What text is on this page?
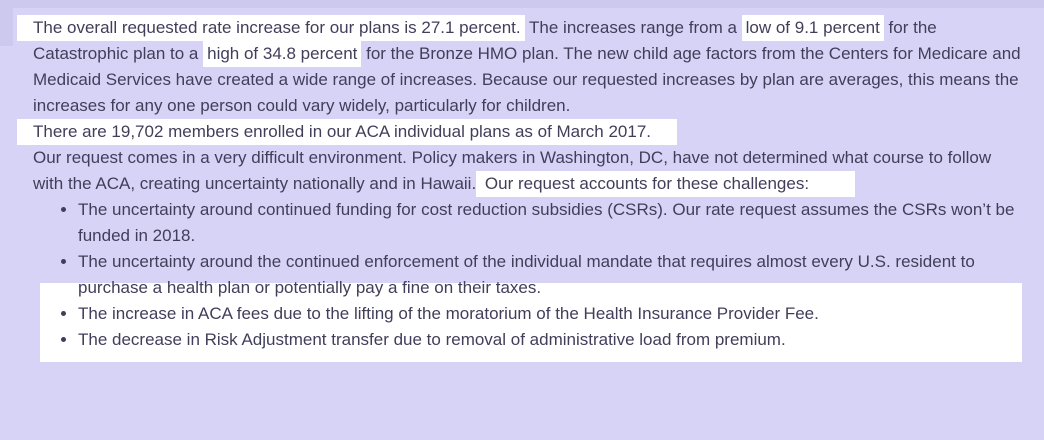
The overall requested rate increase for our plans is 27.1 percent. The increases range from a low of 9.1 percent for the Catastrophic plan to a high of 34.8 percent for the Bronze HMO plan. The new child age factors from the Centers for Medicare and Medicaid Services have created a wide range of increases. Because our requested increases by plan are averages, this means the increases for any one person could vary widely, particularly for children.

There are 19,702 members enrolled in our ACA individual plans as of March 2017.

Our request comes in a very difficult environment. Policy makers in Washington, DC, have not determined what course to follow with the ACA, creating uncertainty nationally and in Hawaii. Our request accounts for these challenges:

• The uncertainty around continued funding for cost reduction subsidies (CSRs). Our rate request assumes the CSRs won’t be funded in 2018.
• The uncertainty around the continued enforcement of the individual mandate that requires almost every U.S. resident to purchase a health plan or potentially pay a fine on their taxes.
• The increase in ACA fees due to the lifting of the moratorium of the Health Insurance Provider Fee.
• The decrease in Risk Adjustment transfer due to removal of administrative load from premium.
